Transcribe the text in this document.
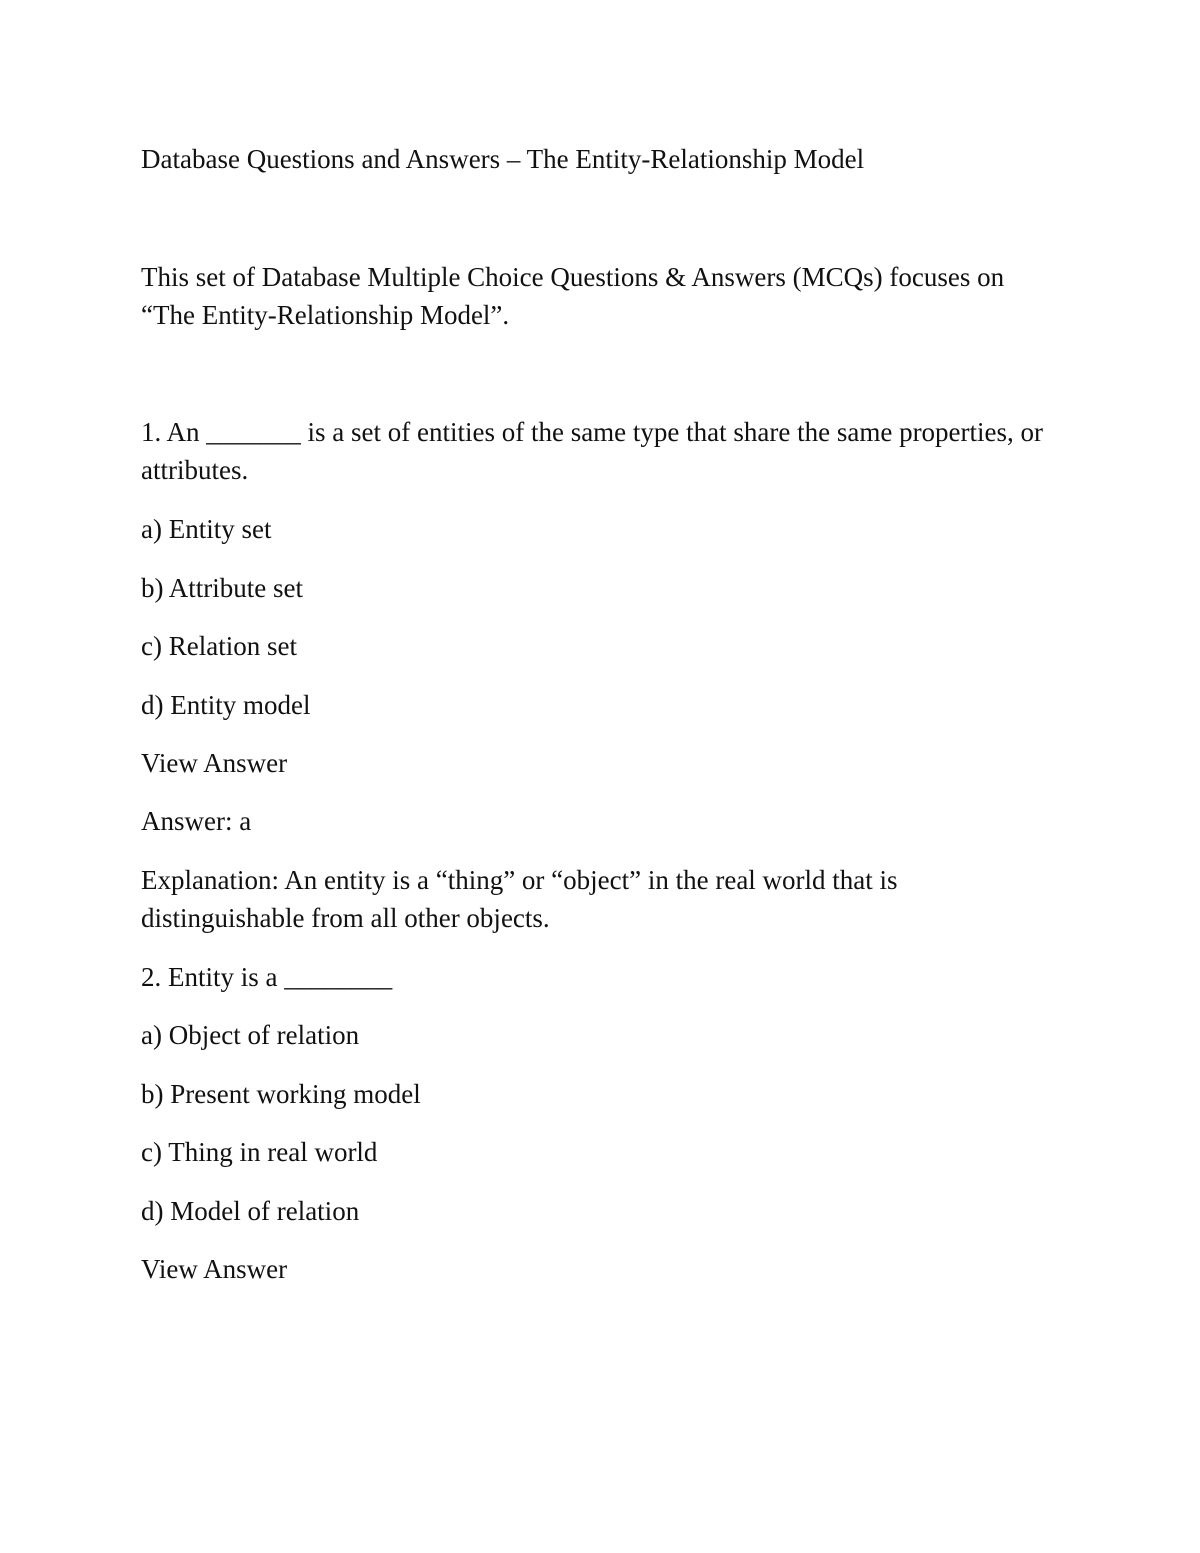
Database Questions and Answers – The Entity-Relationship Model
This set of Database Multiple Choice Questions & Answers (MCQs) focuses on “The Entity-Relationship Model”.
1. An _______ is a set of entities of the same type that share the same properties, or attributes.
a) Entity set
b) Attribute set
c) Relation set
d) Entity model
View Answer
Answer: a
Explanation: An entity is a “thing” or “object” in the real world that is distinguishable from all other objects.
2. Entity is a ________
a) Object of relation
b) Present working model
c) Thing in real world
d) Model of relation
View Answer
